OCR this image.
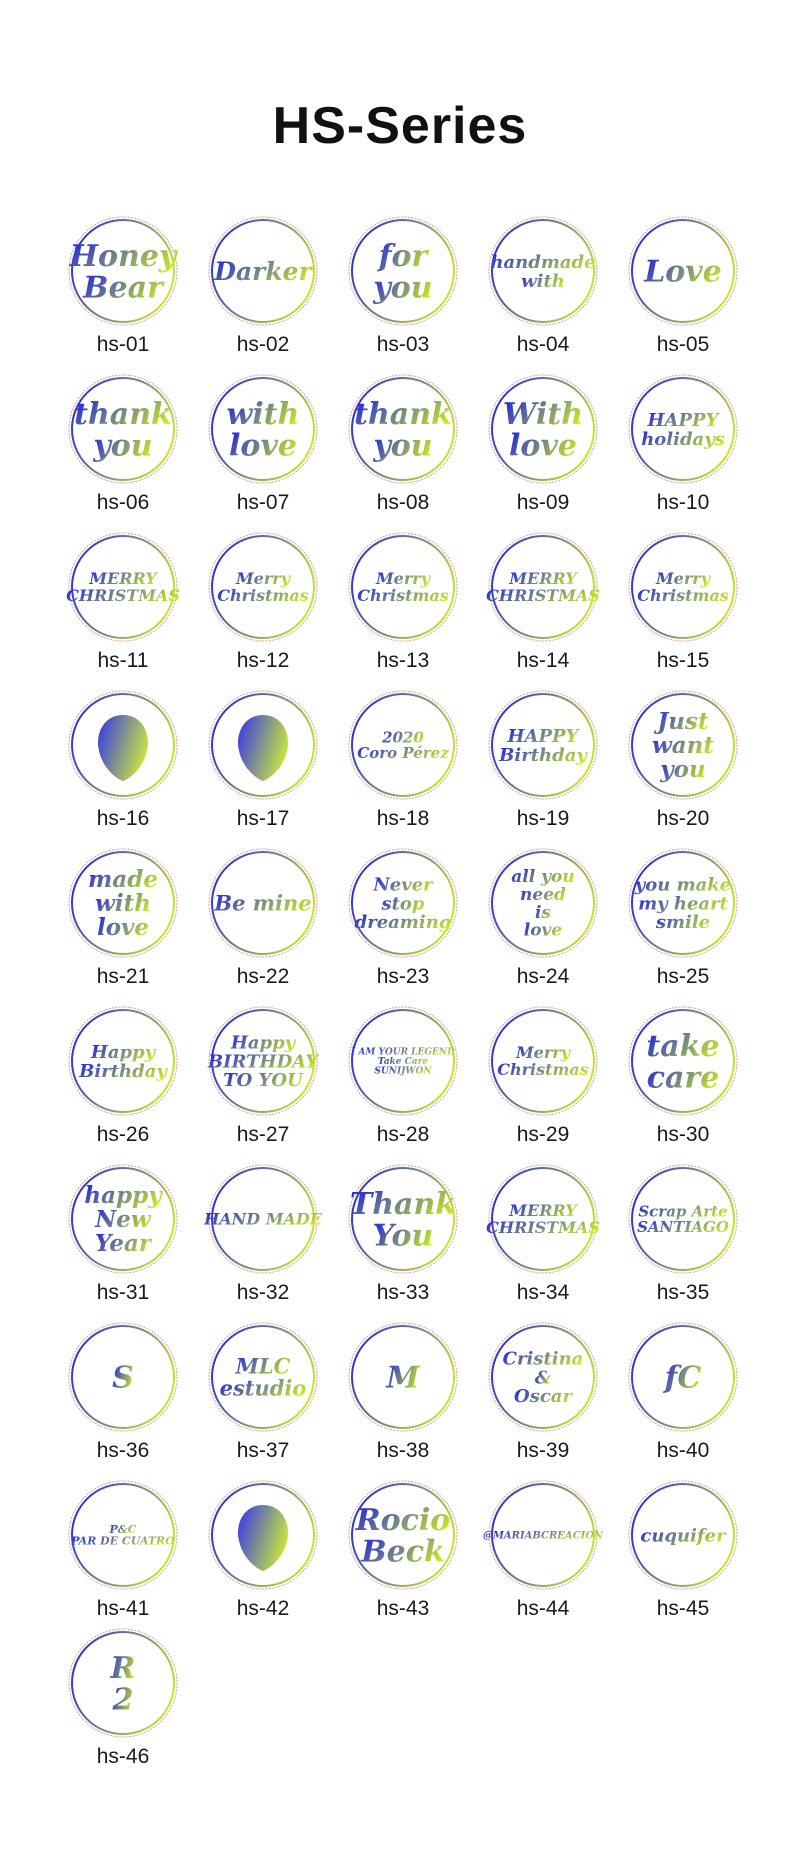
HS-Series
Honey
Bear
hs-01
Darker
hs-02
for
you
hs-03
handmade
with
hs-04
Love
hs-05
thank
you
hs-06
with
love
hs-07
thank
you
hs-08
With
love
hs-09
HAPPY
holidays
hs-10
MERRY
CHRISTMAS
hs-11
Merry
Christmas
hs-12
Merry
Christmas
hs-13
MERRY
CHRISTMAS
hs-14
Merry
Christmas
hs-15
hs-16	hs-17
2020
Coro Pérez
hs-18
HAPPY
Birthday
hs-19
Just
want
you
hs-20
made
with
love
hs-21
Be mine
hs-22
Never
stop
dreaming
hs-23
all you
need
is
love
hs-24
you make
my heart
smile
hs-25
Happy
Birthday
hs-26
Happy
BIRTHDAY
TO YOU
hs-27
I AM YOUR LEGEND
Take Care
SUNIJWON
hs-28
Merry
Christmas
hs-29
take
care
hs-30
happy
New
Year
hs-31
HAND MADE
hs-32
Thank
You
hs-33
MERRY
CHRISTMAS
hs-34
Scrap Arte
SANTIAGO
hs-35
S
hs-36
MLC
estudio
hs-37
M
hs-38
Cristina
&
Oscar
hs-39
fC
hs-40
P&C
PAR DE CUATRO
hs-41	hs-42
Rocio
Beck
hs-43
@MARIABCREACION
hs-44
cuquifer
hs-45
R
2
hs-46
